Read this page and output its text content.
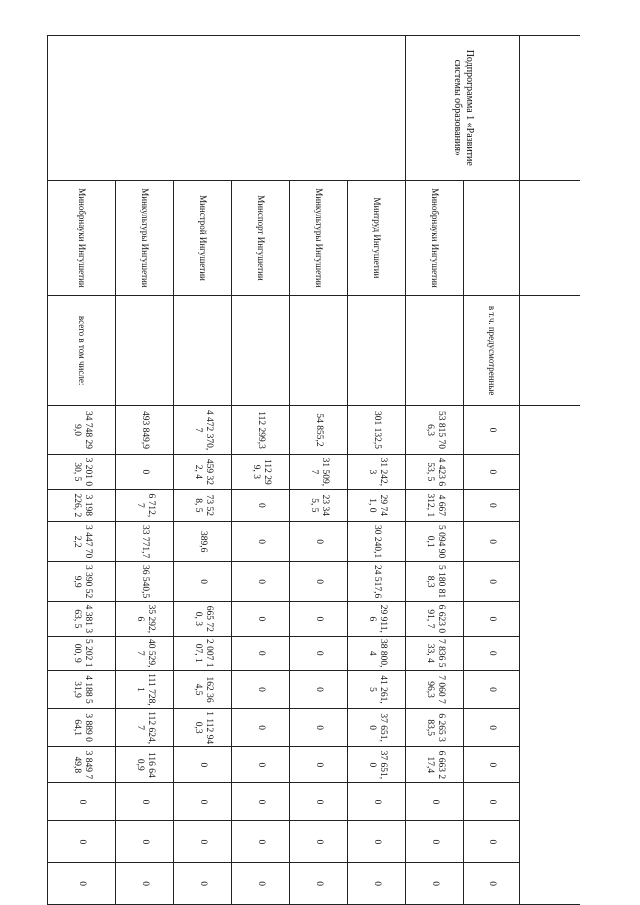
Подпрограмма 1 «Развитие системы образования»		в т.ч. предусмотренные	0	0	0	0	0	0	0	0	0	0	0	0	0
	Минобрнауки Ингушетии		53 815 706,3	4 423 653, 5	4 667 312, 1	5 094 900,1	5 180 818,3	6 623 091, 7	7 836 533, 4	7 060 796,3	6 265 383,5	6 663 217,4	0	0	0
	Минтруд Ингушетии		301 132,5	31 242, 3	29 741, 0	30 240,1	24 517,6	29 911, 6	38 800, 4	41 261,5	37 651,0	37 651,0	0	0	0
	Минкультуры Ингушетии		54 855,2	31 509, 7	23 345, 5	0	0	0	0	0	0	0	0	0	0
	Минспорт Ингушетии		112 299,3	112 299, 3	0	0	0	0	0	0	0	0	0	0	0
	Минстрой Ингушетии		4 472 370,7	459 322, 4	73 528, 5	389,6	0	665 720, 3	2 007 107, 1	162 364,5	1 112 940,3	0	0	0	0
	Минкультуры Ингушетии		493 849,9	0	6 712, 7	33 771,7	36 540,5	35 292, 6	40 529, 7	111 728,1	112 624,7	116 640,9	0	0	0
	Минобрнауки Ингушетии	всего в том числе:	34 748 299,0	3 201 030, 5	3 198 226, 2	3 447 702,2	3 390 529,9	4 381 363, 5	5 202 100, 9	4 188 531,9	3 889 064,1	3 849 749,8	0	0	0
